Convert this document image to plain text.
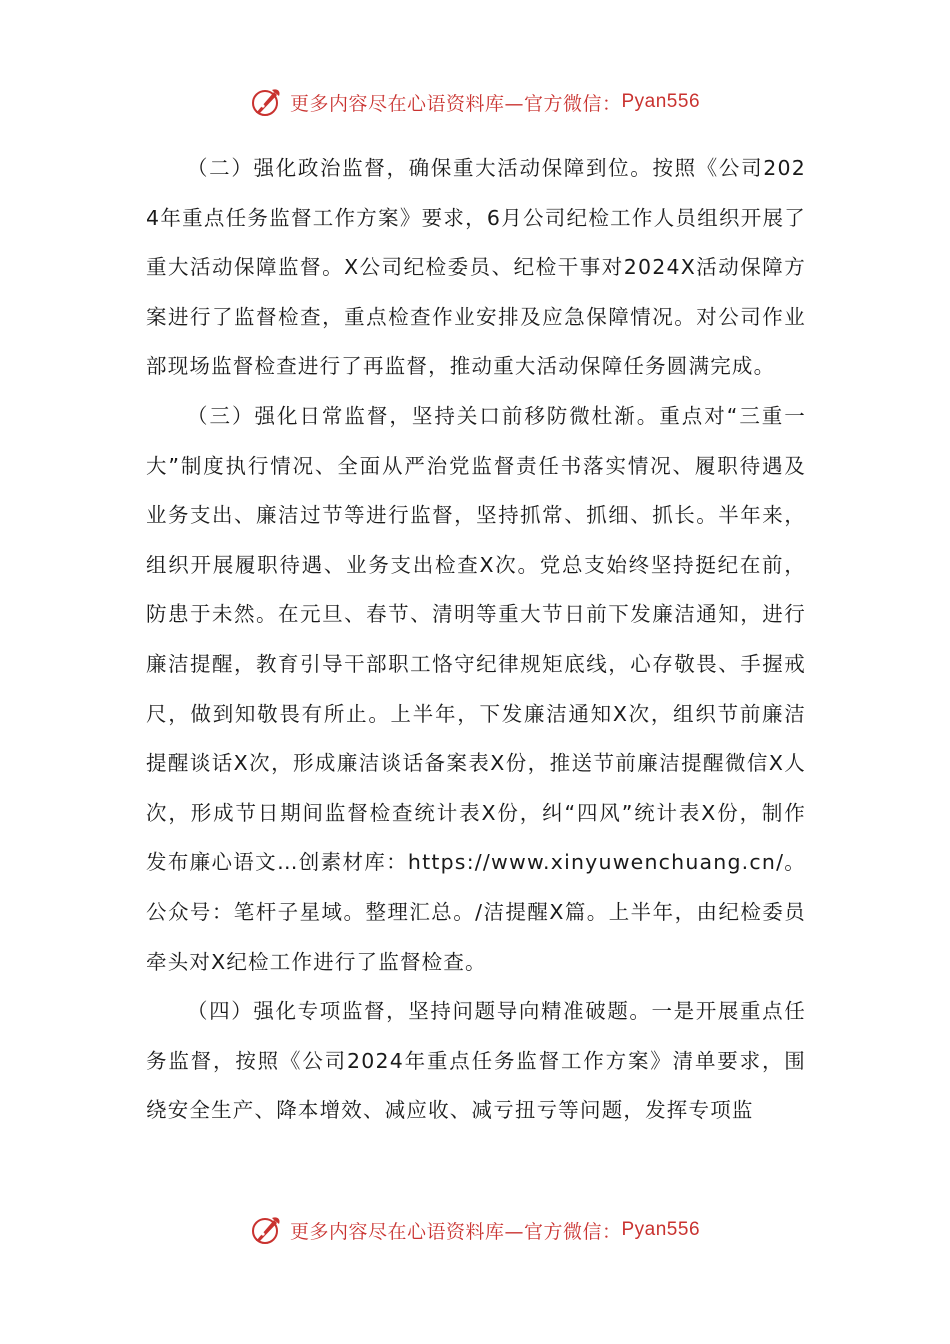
更多内容尽在心语资料库—官方微信： Pyan556

（二）强化政治监督，确保重大活动保障到位。按照《公司2024年重点任务监督工作方案》要求，6月公司纪检工作人员组织开展了重大活动保障监督。X公司纪检委员、纪检干事对2024X活动保障方案进行了监督检查，重点检查作业安排及应急保障情况。对公司作业部现场监督检查进行了再监督，推动重大活动保障任务圆满完成。

（三）强化日常监督，坚持关口前移防微杜渐。重点对“三重一大”制度执行情况、全面从严治党监督责任书落实情况、履职待遇及业务支出、廉洁过节等进行监督，坚持抓常、抓细、抓长。半年来，组织开展履职待遇、业务支出检查X次。党总支始终坚持挺纪在前，防患于未然。在元旦、春节、清明等重大节日前下发廉洁通知，进行廉洁提醒，教育引导干部职工恪守纪律规矩底线，心存敬畏、手握戒尺，做到知敬畏有所止。上半年，下发廉洁通知X次，组织节前廉洁提醒谈话X次，形成廉洁谈话备案表X份，推送节前廉洁提醒微信X人次，形成节日期间监督检查统计表X份，纠“四风”统计表X份，制作发布廉心语文…创素材库：https://www.xinyuwenchuang.cn/。公众号：笔杆子星域。整理汇总。/洁提醒X篇。上半年，由纪检委员牵头对X纪检工作进行了监督检查。

（四）强化专项监督，坚持问题导向精准破题。一是开展重点任务监督，按照《公司2024年重点任务监督工作方案》清单要求，围绕安全生产、降本增效、减应收、减亏扭亏等问题，发挥专项监

更多内容尽在心语资料库—官方微信： Pyan556
